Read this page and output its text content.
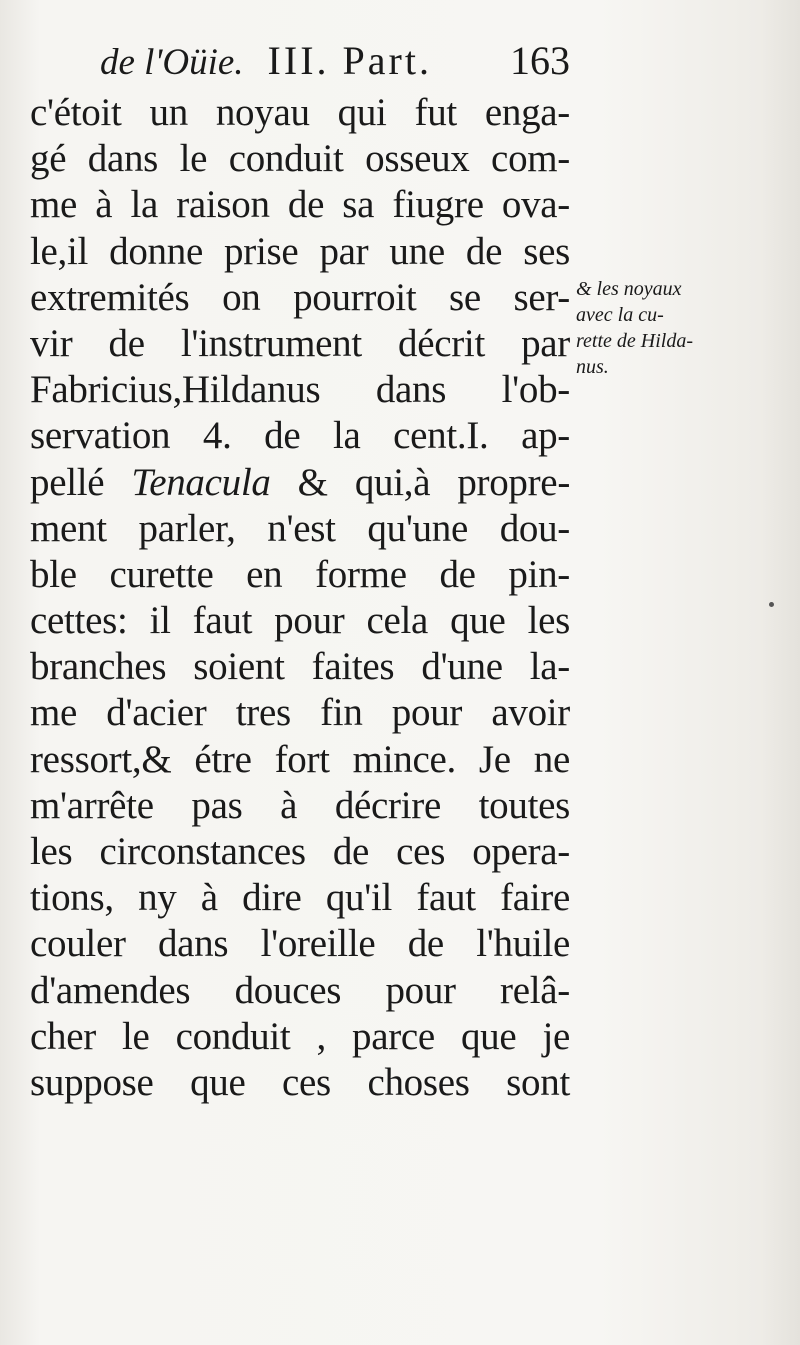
de l'Oüie. III. Part. 163
c'étoit un noyau qui fut enga-
gé dans le conduit osseux com-
me à la raison de sa fiugre ova-
le,il donne prise par une de ses
extremités on pourroit se ser-
vir de l'instrument décrit par
Fabricius,Hildanus dans l'ob-
servation 4. de la cent.I. ap-
pellé Tenacula & qui,à propre-
ment parler, n'est qu'une dou-
ble curette en forme de pin-
cettes: il faut pour cela que les
branches soient faites d'une la-
me d'acier tres fin pour avoir
ressort,& étre fort mince. Je ne
m'arrête pas à décrire toutes
les circonstances de ces opera-
tions, ny à dire qu'il faut faire
couler dans l'oreille de l'huile
d'amendes douces pour relâ-
cher le conduit , parce que je
suppose que ces choses sont
& les noyaux
avec la cu-
rette de Hilda-
nus.
